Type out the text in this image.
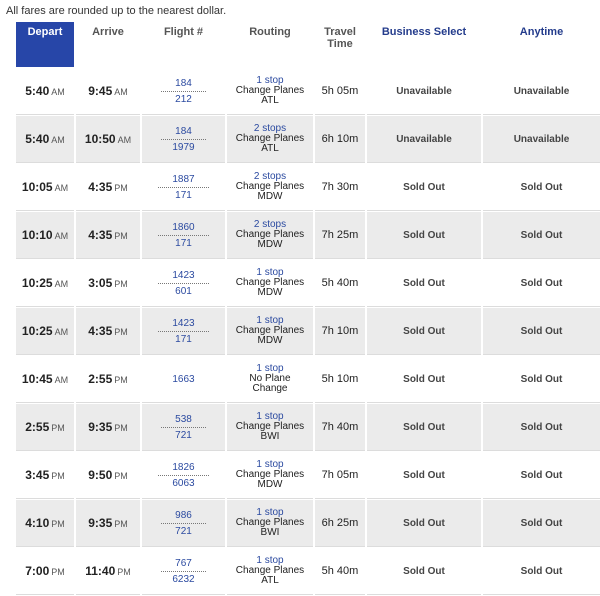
All fares are rounded up to the nearest dollar.
Depart	Arrive	Flight #	Routing	Travel
Time	Business Select	Anytime
5:40 AM	9:45 AM	$\frac{184}{212}$	1 stop
Change Planes
ATL	5h 05m	Unavailable	Unavailable
5:40 AM	10:50 AM	$\frac{184}{1979}$	2 stops
Change Planes
ATL	6h 10m	Unavailable	Unavailable
10:05 AM	4:35 PM	$\frac{1887}{171}$	2 stops
Change Planes
MDW	7h 30m	Sold Out	Sold Out
10:10 AM	4:35 PM	$\frac{1860}{171}$	2 stops
Change Planes
MDW	7h 25m	Sold Out	Sold Out
10:25 AM	3:05 PM	$\frac{1423}{601}$	1 stop
Change Planes
MDW	5h 40m	Sold Out	Sold Out
10:25 AM	4:35 PM	$\frac{1423}{171}$	1 stop
Change Planes
MDW	7h 10m	Sold Out	Sold Out
10:45 AM	2:55 PM	1663	1 stop
No Plane
Change	5h 10m	Sold Out	Sold Out
2:55 PM	9:35 PM	$\frac{538}{721}$	1 stop
Change Planes
BWI	7h 40m	Sold Out	Sold Out
3:45 PM	9:50 PM	$\frac{1826}{6063}$	1 stop
Change Planes
MDW	7h 05m	Sold Out	Sold Out
4:10 PM	9:35 PM	$\frac{986}{721}$	1 stop
Change Planes
BWI	6h 25m	Sold Out	Sold Out
7:00 PM	11:40 PM	$\frac{767}{6232}$	1 stop
Change Planes
ATL	5h 40m	Sold Out	Sold Out
